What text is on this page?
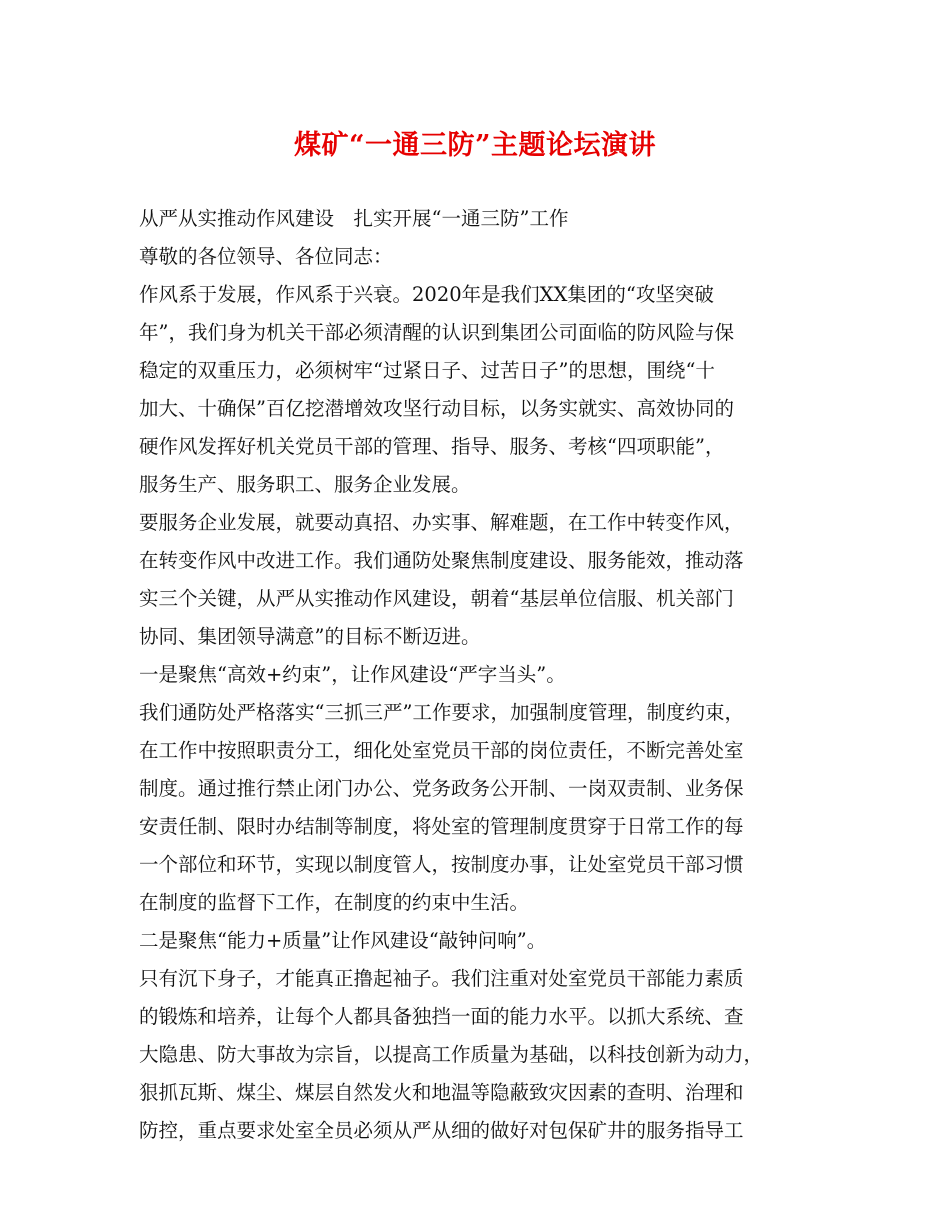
煤矿“一通三防”主题论坛演讲

从严从实推动作风建设　扎实开展“一通三防”工作

尊敬的各位领导、各位同志：

作风系于发展，作风系于兴衰。2020年是我们XX集团的“攻坚突破

年”，我们身为机关干部必须清醒的认识到集团公司面临的防风险与保

稳定的双重压力，必须树牢“过紧日子、过苦日子”的思想，围绕“十

加大、十确保”百亿挖潜增效攻坚行动目标，以务实就实、高效协同的

硬作风发挥好机关党员干部的管理、指导、服务、考核“四项职能”，

服务生产、服务职工、服务企业发展。

要服务企业发展，就要动真招、办实事、解难题，在工作中转变作风，

在转变作风中改进工作。我们通防处聚焦制度建设、服务能效，推动落

实三个关键，从严从实推动作风建设，朝着“基层单位信服、机关部门

协同、集团领导满意”的目标不断迈进。

一是聚焦“高效+约束”，让作风建设“严字当头”。

我们通防处严格落实“三抓三严”工作要求，加强制度管理，制度约束，

在工作中按照职责分工，细化处室党员干部的岗位责任，不断完善处室

制度。通过推行禁止闭门办公、党务政务公开制、一岗双责制、业务保

安责任制、限时办结制等制度，将处室的管理制度贯穿于日常工作的每

一个部位和环节，实现以制度管人，按制度办事，让处室党员干部习惯

在制度的监督下工作，在制度的约束中生活。

二是聚焦“能力+质量”让作风建设“敲钟问响”。

只有沉下身子，才能真正撸起袖子。我们注重对处室党员干部能力素质

的锻炼和培养，让每个人都具备独挡一面的能力水平。以抓大系统、查

大隐患、防大事故为宗旨，以提高工作质量为基础，以科技创新为动力，

狠抓瓦斯、煤尘、煤层自然发火和地温等隐蔽致灾因素的查明、治理和

防控，重点要求处室全员必须从严从细的做好对包保矿井的服务指导工
